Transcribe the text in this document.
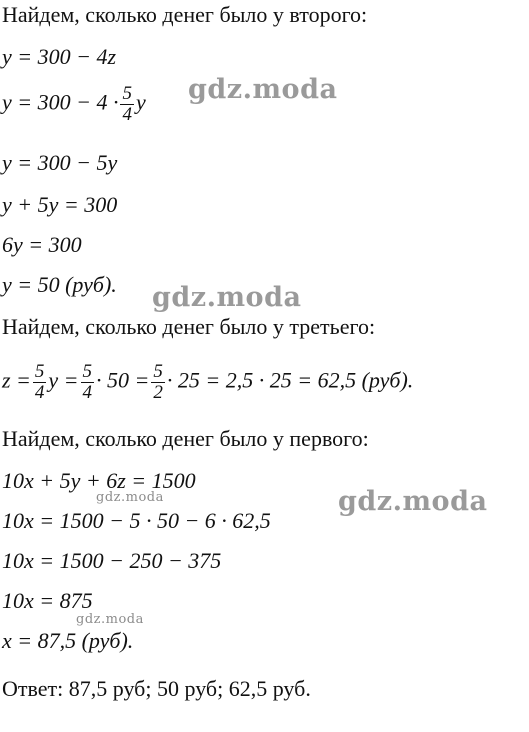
Найдем, сколько денег было у второго:
y = 300 − 4z
$y = 300 - 4 \cdot \frac{5}{4}$ y
y = 300 − 5y
y + 5y = 300
6y = 300
y = 50 (руб).
Найдем, сколько денег было у третьего:
$z = \frac{5}{4}$ $y = \frac{5}{4} \cdot 50 = \frac{5}{2} \cdot 25 = 2,5 \cdot 25 = 62,5$ (руб).
Найдем, сколько денег было у первого:
10x + 5y + 6z = 1500
10x = 1500 − 5 · 50 − 6 · 62,5
10x = 1500 − 250 − 375
10x = 875
x = 87,5 (руб).
Ответ: 87,5 руб; 50 руб; 62,5 руб.
gdz.moda
gdz.moda
gdz.moda
gdz.moda
gdz.moda
